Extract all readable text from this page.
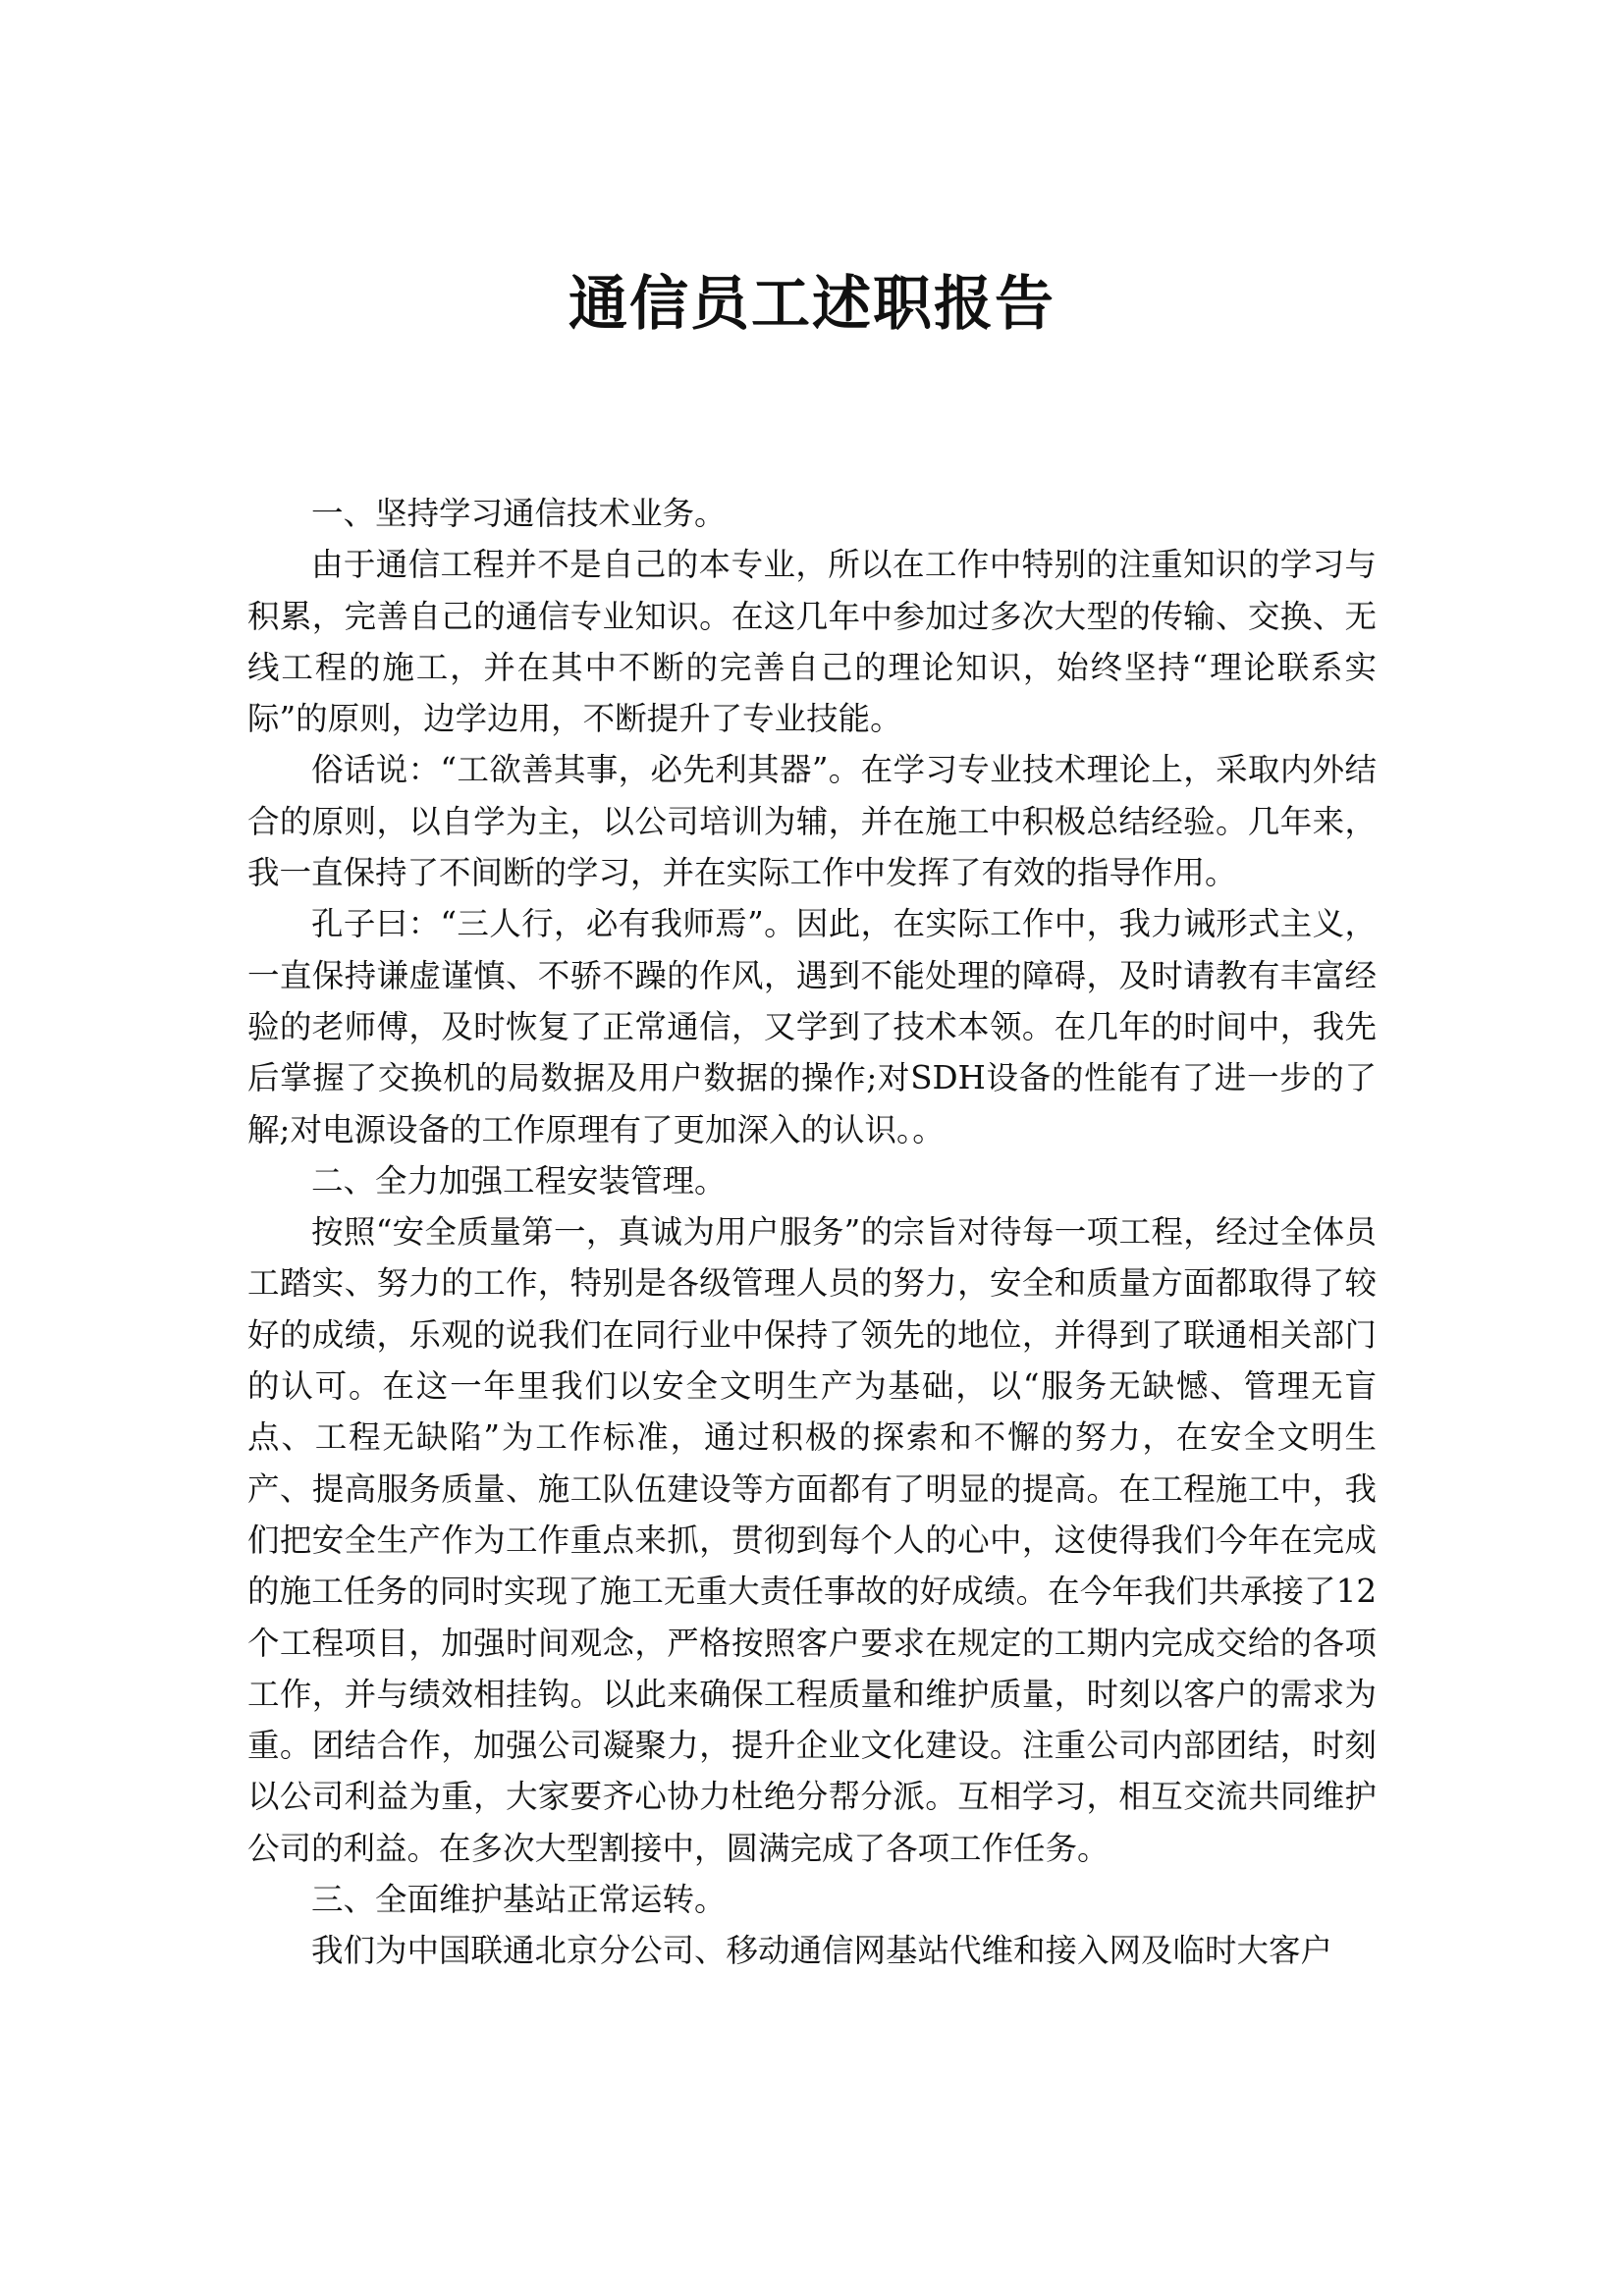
通信员工述职报告

一、坚持学习通信技术业务。

由于通信工程并不是自己的本专业，所以在工作中特别的注重知识的学习与积累，完善自己的通信专业知识。在这几年中参加过多次大型的传输、交换、无线工程的施工，并在其中不断的完善自己的理论知识，始终坚持“理论联系实际”的原则，边学边用，不断提升了专业技能。

俗话说：“工欲善其事，必先利其器”。在学习专业技术理论上，采取内外结合的原则，以自学为主，以公司培训为辅，并在施工中积极总结经验。几年来，我一直保持了不间断的学习，并在实际工作中发挥了有效的指导作用。

孔子曰：“三人行，必有我师焉”。因此，在实际工作中，我力诫形式主义，一直保持谦虚谨慎、不骄不躁的作风，遇到不能处理的障碍，及时请教有丰富经验的老师傅，及时恢复了正常通信，又学到了技术本领。在几年的时间中，我先后掌握了交换机的局数据及用户数据的操作;对SDH设备的性能有了进一步的了解;对电源设备的工作原理有了更加深入的认识。。

二、全力加强工程安装管理。

按照“安全质量第一，真诚为用户服务”的宗旨对待每一项工程，经过全体员工踏实、努力的工作，特别是各级管理人员的努力，安全和质量方面都取得了较好的成绩，乐观的说我们在同行业中保持了领先的地位，并得到了联通相关部门的认可。在这一年里我们以安全文明生产为基础，以“服务无缺憾、管理无盲点、工程无缺陷”为工作标准，通过积极的探索和不懈的努力，在安全文明生产、提高服务质量、施工队伍建设等方面都有了明显的提高。在工程施工中，我们把安全生产作为工作重点来抓，贯彻到每个人的心中，这使得我们今年在完成的施工任务的同时实现了施工无重大责任事故的好成绩。在今年我们共承接了12个工程项目，加强时间观念，严格按照客户要求在规定的工期内完成交给的各项工作，并与绩效相挂钩。以此来确保工程质量和维护质量，时刻以客户的需求为重。团结合作，加强公司凝聚力，提升企业文化建设。注重公司内部团结，时刻以公司利益为重，大家要齐心协力杜绝分帮分派。互相学习，相互交流共同维护公司的利益。在多次大型割接中，圆满完成了各项工作任务。

三、全面维护基站正常运转。

我们为中国联通北京分公司、移动通信网基站代维和接入网及临时大客户
